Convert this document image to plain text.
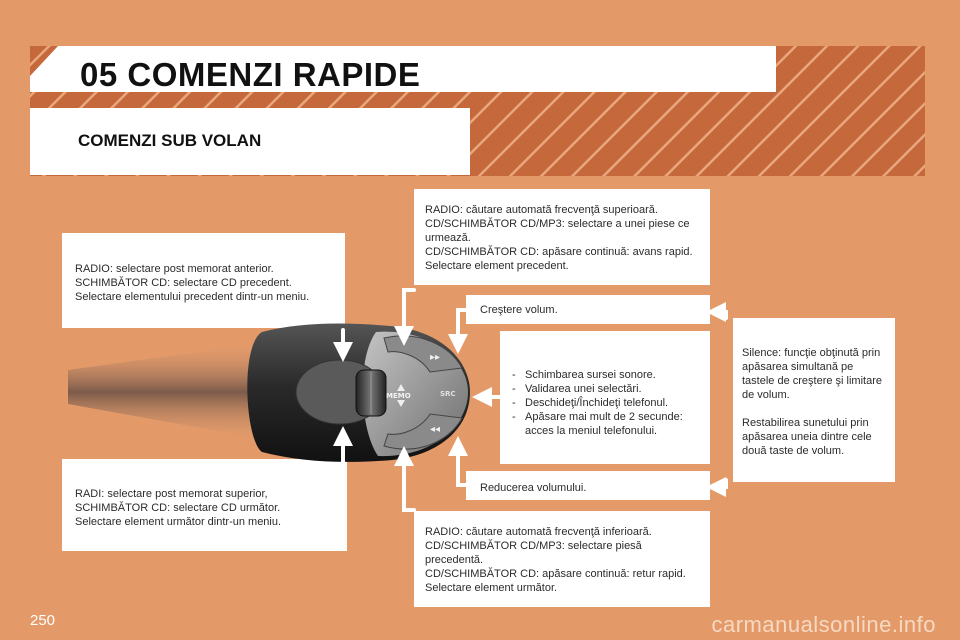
05 COMENZI RAPIDE
COMENZI SUB VOLAN

RADIO: selectare post memorat anterior.

SCHIMBĂTOR CD: selectare CD precedent.

Selectare elementului precedent dintr-un meniu.

RADI: selectare post memorat superior,

SCHIMBĂTOR CD: selectare CD următor.

Selectare element următor dintr-un meniu.

RADIO: căutare automată frecvenţă superioară.

CD/SCHIMBĂTOR CD/MP3: selectare a unei piese ce

urmează.

CD/SCHIMBĂTOR CD: apăsare continuă: avans rapid.

Selectare element precedent.

Creştere volum.

- Schimbarea sursei sonore.
- Validarea unei selectări.
- Deschideţi/Închideţi telefonul.
- Apăsare mai mult de 2 secunde: acces la meniul telefonului.

Reducerea volumului.

Silence: funcţie obţinută prin apăsarea simultană pe tastele de creştere şi limitare de volum.

Restabilirea sunetului prin apăsarea uneia dintre cele două taste de volum.

RADIO: căutare automată frecvenţă inferioară.

CD/SCHIMBĂTOR CD/MP3: selectare piesă

precedentă.

CD/SCHIMBĂTOR CD: apăsare continuă: retur rapid.

Selectare element următor.

▸▸
◂◂
MEMO	SRC
250	carmanualsonline.info
